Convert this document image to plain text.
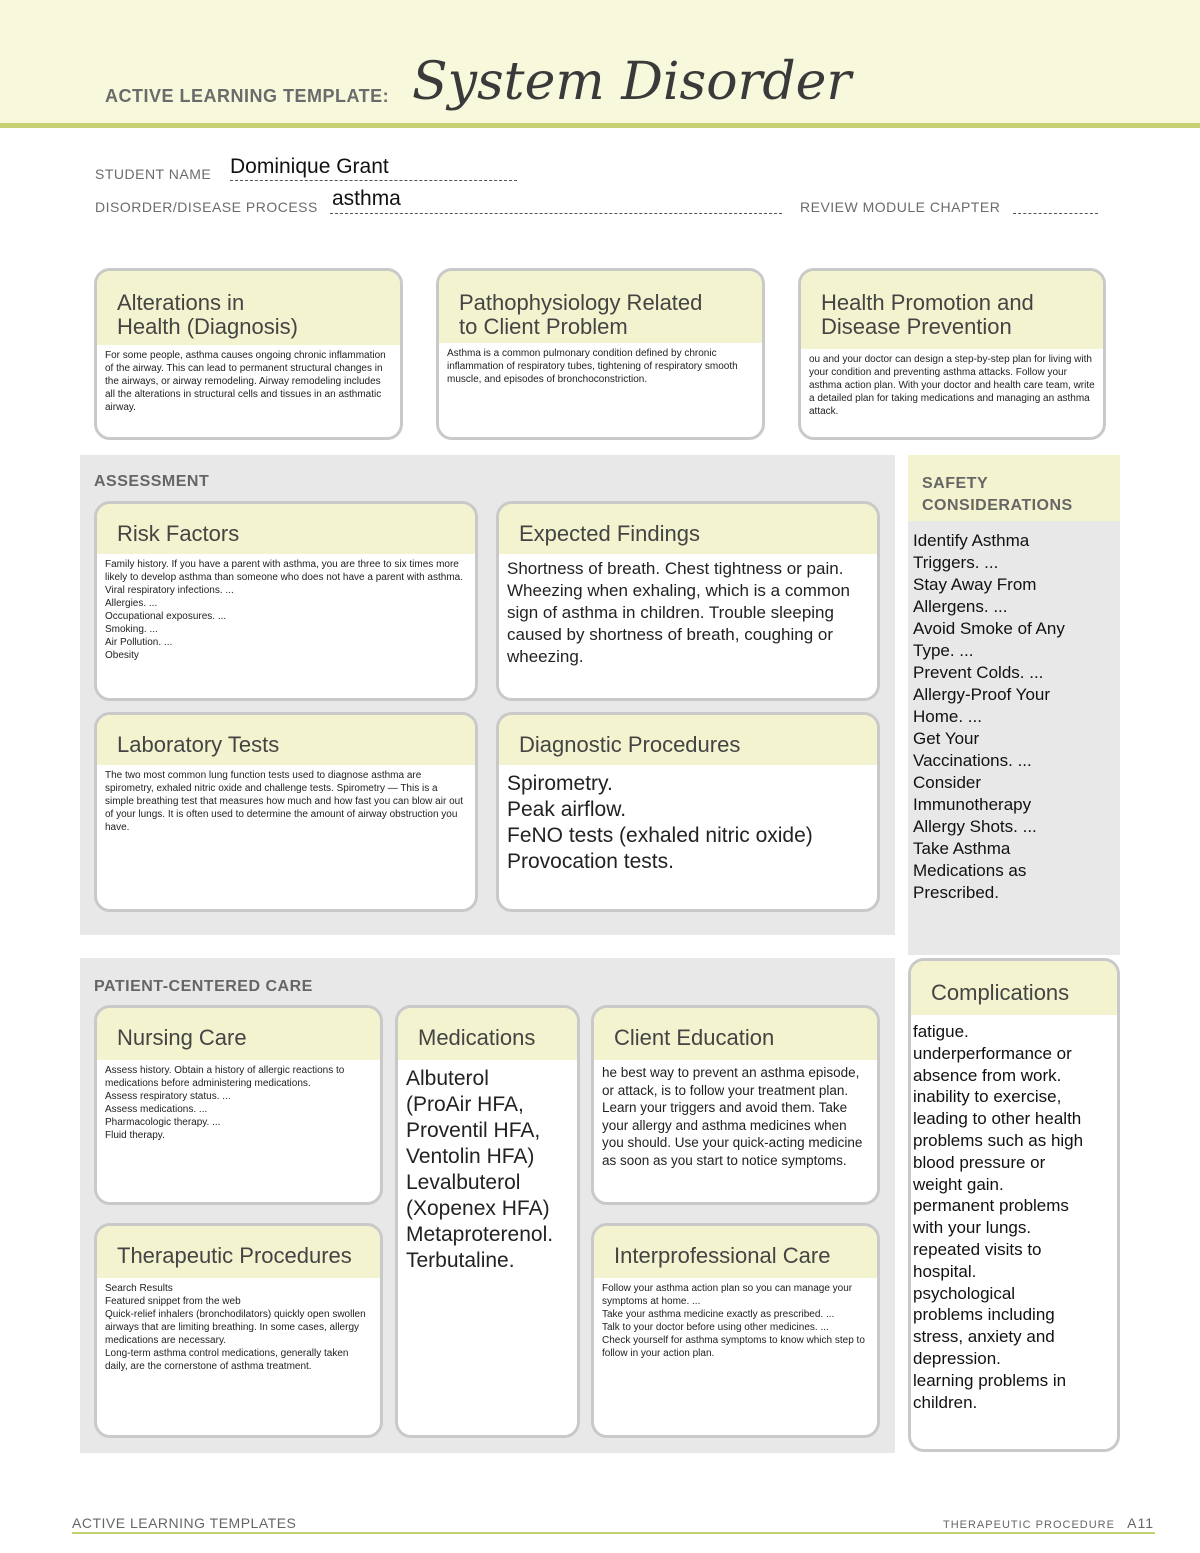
ACTIVE LEARNING TEMPLATE: System Disorder
STUDENT NAME Dominique Grant
DISORDER/DISEASE PROCESS asthma	REVIEW MODULE CHAPTER
Alterations in
Health (Diagnosis)
For some people, asthma causes ongoing chronic inflammation of the airway. This can lead to permanent structural changes in the airways, or airway remodeling. Airway remodeling includes all the alterations in structural cells and tissues in an asthmatic airway.
Pathophysiology Related
to Client Problem
Asthma is a common pulmonary condition defined by chronic inflammation of respiratory tubes, tightening of respiratory smooth muscle, and episodes of bronchoconstriction.
Health Promotion and
Disease Prevention
ou and your doctor can design a step-by-step plan for living with your condition and preventing asthma attacks. Follow your asthma action plan. With your doctor and health care team, write a detailed plan for taking medications and managing an asthma attack.
ASSESSMENT
Risk Factors

Family history. If you have a parent with asthma, you are three to six times more likely to develop asthma than someone who does not have a parent with asthma.

Viral respiratory infections. ...

Allergies. ...

Occupational exposures. ...

Smoking. ...

Air Pollution. ...

Obesity

Expected Findings
Shortness of breath. Chest tightness or pain. Wheezing when exhaling, which is a common sign of asthma in children. Trouble sleeping caused by shortness of breath, coughing or wheezing.
Laboratory Tests
The two most common lung function tests used to diagnose asthma are spirometry, exhaled nitric oxide and challenge tests. Spirometry — This is a simple breathing test that measures how much and how fast you can blow air out of your lungs. It is often used to determine the amount of airway obstruction you have.
Diagnostic Procedures

Spirometry.

Peak airflow.

FeNO tests (exhaled nitric oxide)

Provocation tests.

SAFETY
CONSIDERATIONS

Identify Asthma

Triggers. ...

Stay Away From

Allergens. ...

Avoid Smoke of Any

Type. ...

Prevent Colds. ...

Allergy-Proof Your

Home. ...

Get Your

Vaccinations. ...

Consider

Immunotherapy

Allergy Shots. ...

Take Asthma

Medications as

Prescribed.

PATIENT-CENTERED CARE
Nursing Care

Assess history. Obtain a history of allergic reactions to medications before administering medications.

Assess respiratory status. ...

Assess medications. ...

Pharmacologic therapy. ...

Fluid therapy.

Medications

Albuterol

(ProAir HFA,

Proventil HFA,

Ventolin HFA)

Levalbuterol

(Xopenex HFA)

Metaproterenol.

Terbutaline.

Client Education
he best way to prevent an asthma episode, or attack, is to follow your treatment plan. Learn your triggers and avoid them. Take your allergy and asthma medicines when you should. Use your quick-acting medicine as soon as you start to notice symptoms.
Therapeutic Procedures

Search Results

Featured snippet from the web

Quick-relief inhalers (bronchodilators) quickly open swollen airways that are limiting breathing. In some cases, allergy medications are necessary.

Long-term asthma control medications, generally taken daily, are the cornerstone of asthma treatment.

Interprofessional Care

Follow your asthma action plan so you can manage your symptoms at home. ...

Take your asthma medicine exactly as prescribed. ...

Talk to your doctor before using other medicines. ...

Check yourself for asthma symptoms to know which step to follow in your action plan.

Complications

fatigue.

underperformance or

absence from work.

inability to exercise,

leading to other health

problems such as high

blood pressure or

weight gain.

permanent problems

with your lungs.

repeated visits to

hospital.

psychological

problems including

stress, anxiety and

depression.

learning problems in

children.

ACTIVE LEARNING TEMPLATES	THERAPEUTIC PROCEDURE A11
